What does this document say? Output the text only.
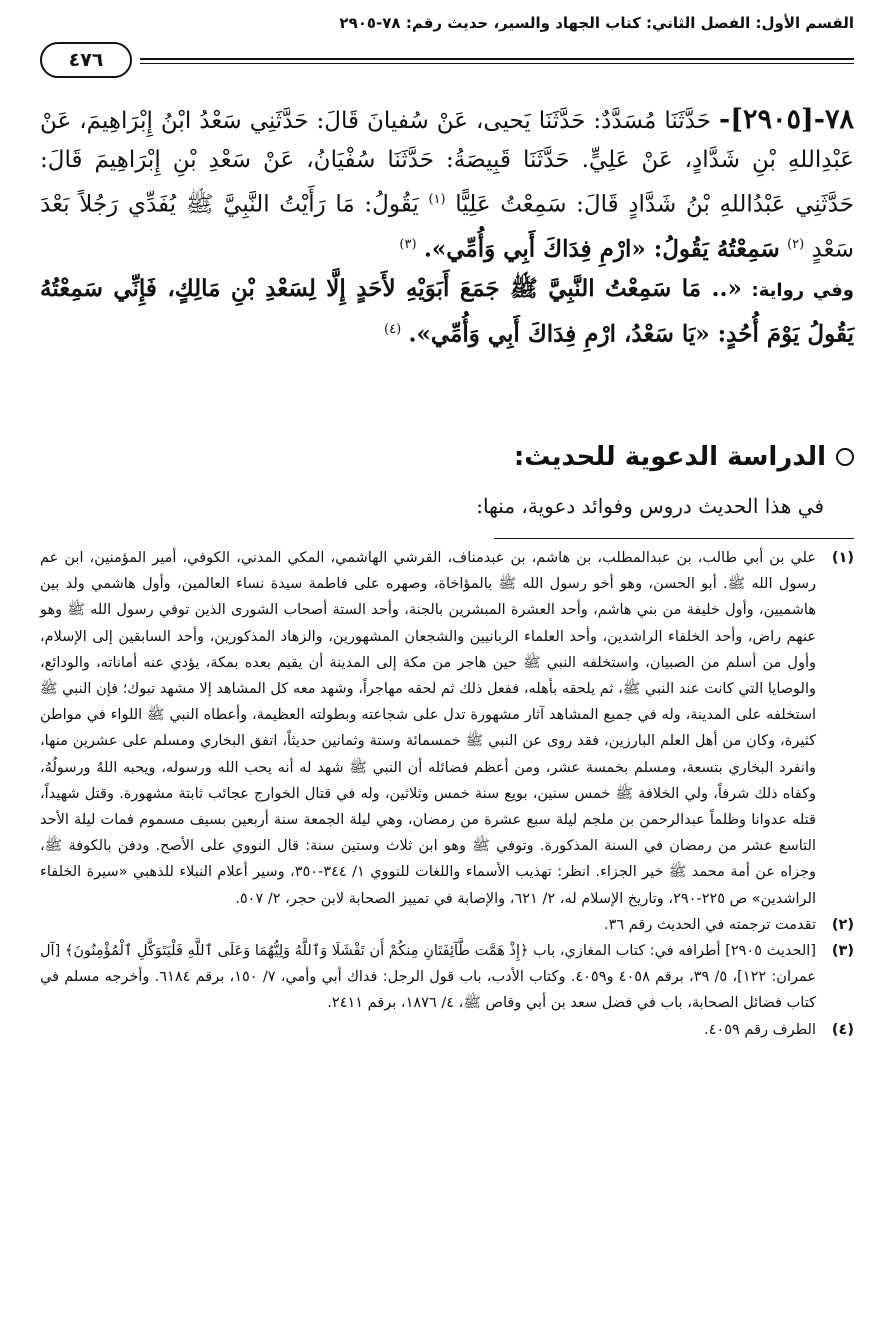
القسم الأول: الفصل الثاني: كتاب الجهاد والسير، حديث رقم: ٧٨-٢٩٠٥
٤٧٦
٧٨-[٢٩٠٥]- حَدَّثَنَا مُسَدَّدٌ: حَدَّثَنَا يَحيى، عَنْ سُفيانَ قَالَ: حَدَّثَنِي سَعْدُ ابْنُ إِبْرَاهِيمَ، عَنْ عَبْدِاللهِ بْنِ شَدَّادٍ، عَنْ عَلِيٍّ. حَدَّثَنَا قَبِيصَةُ: حَدَّثَنَا سُفْيَانُ، عَنْ سَعْدِ بْنِ إِبْرَاهِيمَ قَالَ: حَدَّثَنِي عَبْدُاللهِ بْنُ شَدَّادٍ قَالَ: سَمِعْتُ عَلِيًّا $^{(١)}$ يَقُولُ: مَا رَأَيْتُ النَّبِيَّ ﷺ يُفَدِّي رَجُلاً بَعْدَ سَعْدٍ $^{(٢)}$ سَمِعْتُهُ يَقُولُ: «ارْمِ فِدَاكَ أَبِي وَأُمِّي». $^{(٣)}$
وفي رواية: «.. مَا سَمِعْتُ النَّبِيَّ ﷺ جَمَعَ أَبَوَيْهِ لأَحَدٍ إِلَّا لِسَعْدِ بْنِ مَالِكٍ، فَإِنِّي سَمِعْتُهُ يَقُولُ يَوْمَ أُحُدٍ: «يَا سَعْدُ، ارْمِ فِدَاكَ أَبِي وَأُمِّي». $^{(٤)}$
الدراسة الدعوية للحديث:
في هذا الحديث دروس وفوائد دعوية، منها:
(١)
علي بن أبي طالب، بن عبدالمطلب، بن هاشم، بن عبدمناف، القرشي الهاشمي، المكي المدني، الكوفي، أمير المؤمنين، ابن عم رسول الله ﷺ. أبو الحسن، وهو أخو رسول الله ﷺ بالمؤاخاة، وصهره على فاطمة سيدة نساء العالمين، وأول هاشمي ولد بين هاشميين، وأول خليفة من بني هاشم، وأحد العشرة المبشرين بالجنة، وأحد الستة أصحاب الشورى الذين توفي رسول الله ﷺ وهو عنهم راض، وأحد الخلفاء الراشدين، وأحد العلماء الربانيين والشجعان المشهورين، والزهاد المذكورين، وأحد السابقين إلى الإسلام، وأول من أسلم من الصبيان، واستخلفه النبي ﷺ حين هاجر من مكة إلى المدينة أن يقيم بعده بمكة، يؤدي عنه أماناته، والودائع، والوصايا التي كانت عند النبي ﷺ، ثم يلحقه بأهله، ففعل ذلك ثم لحقه مهاجراً، وشهد معه كل المشاهد إلا مشهد تبوك؛ فإن النبي ﷺ استخلفه على المدينة، وله في جميع المشاهد آثار مشهورة تدل على شجاعته وبطولته العظيمة، وأعطاه النبي ﷺ اللواء في مواطن كثيرة، وكان من أهل العلم البارزين، فقد روى عن النبي ﷺ خمسمائة وستة وثمانين حديثاً، اتفق البخاري ومسلم على عشرين منها، وانفرد البخاري بتسعة، ومسلم بخمسة عشر، ومن أعظم فضائله أن النبي ﷺ شهد له أنه يحب الله ورسوله، ويحبه اللهُ ورسولُهُ، وكفاه ذلك شرفاً، ولي الخلافة ﷺ خمس سنين، بويع سنة خمس وثلاثين، وله في قتال الخوارج عجائب ثابتة مشهورة. وقتل شهيداً، قتله عدوانا وظلماً عبدالرحمن بن ملجم ليلة سبع عشرة من رمضان، وهي ليلة الجمعة سنة أربعين بسيف مسموم فمات ليلة الأحد التاسع عشر من رمضان في السنة المذكورة. وتوفي ﷺ وهو ابن ثلاث وستين سنة: قال النووي على الأصح. ودفن بالكوفة ﷺ، وجزاه عن أمة محمد ﷺ خير الجزاء. انظر: تهذيب الأسماء واللغات للنووي ١/ ٣٤٤-٣٥٠، وسير أعلام النبلاء للذهبي «سيرة الخلفاء الراشدين» ص ٢٢٥-٢٩٠، وتاريخ الإسلام له، ٢/ ٦٢١، والإصابة في تمييز الصحابة لابن حجر، ٢/ ٥٠٧.
(٢)
تقدمت ترجمته في الحديث رقم ٣٦.
(٣)
[الحديث ٢٩٠٥] أطرافه في: كتاب المغازي، باب ﴿إِذْ هَمَّت طَّآئِفَتَانِ مِنكُمْ أَن تَفْشَلَا وَٱللَّهُ وَلِيُّهُمَا وَعَلَى ٱللَّهِ فَلْيَتَوَكَّلِ ٱلْمُؤْمِنُونَ﴾ [آل عمران: ١٢٢]، ٥/ ٣٩، برقم ٤٠٥٨ و٤٠٥٩. وكتاب الأدب، باب قول الرجل: فداك أبي وأمي، ٧/ ١٥٠، برقم ٦١٨٤. وأخرجه مسلم في كتاب فضائل الصحابة، باب في فضل سعد بن أبي وقاص ﷺ، ٤/ ١٨٧٦، برقم ٢٤١١.
(٤)
الطرف رقم ٤٠٥٩.
